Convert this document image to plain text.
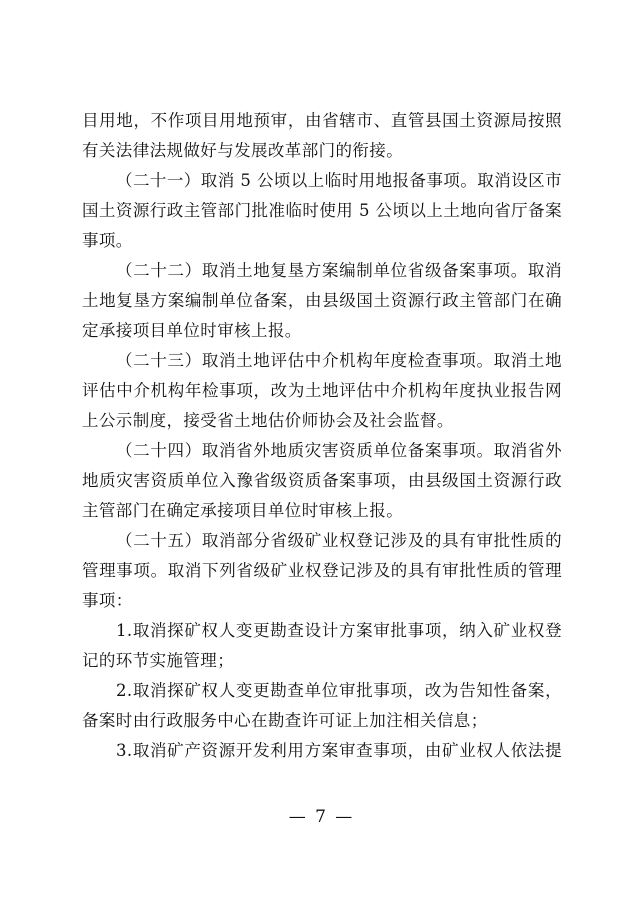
目用地，不作项目用地预审，由省辖市、直管县国土资源局按照
有关法律法规做好与发展改革部门的衔接。
（二十一）取消 5 公顷以上临时用地报备事项。取消设区市
国土资源行政主管部门批准临时使用 5 公顷以上土地向省厅备案
事项。
（二十二）取消土地复垦方案编制单位省级备案事项。取消
土地复垦方案编制单位备案，由县级国土资源行政主管部门在确
定承接项目单位时审核上报。
（二十三）取消土地评估中介机构年度检查事项。取消土地
评估中介机构年检事项，改为土地评估中介机构年度执业报告网
上公示制度，接受省土地估价师协会及社会监督。
（二十四）取消省外地质灾害资质单位备案事项。取消省外
地质灾害资质单位入豫省级资质备案事项，由县级国土资源行政
主管部门在确定承接项目单位时审核上报。
（二十五）取消部分省级矿业权登记涉及的具有审批性质的
管理事项。取消下列省级矿业权登记涉及的具有审批性质的管理
事项：
1.取消探矿权人变更勘查设计方案审批事项，纳入矿业权登
记的环节实施管理；
2.取消探矿权人变更勘查单位审批事项，改为告知性备案，
备案时由行政服务中心在勘查许可证上加注相关信息；
3.取消矿产资源开发利用方案审查事项，由矿业权人依法提
— 7 —
